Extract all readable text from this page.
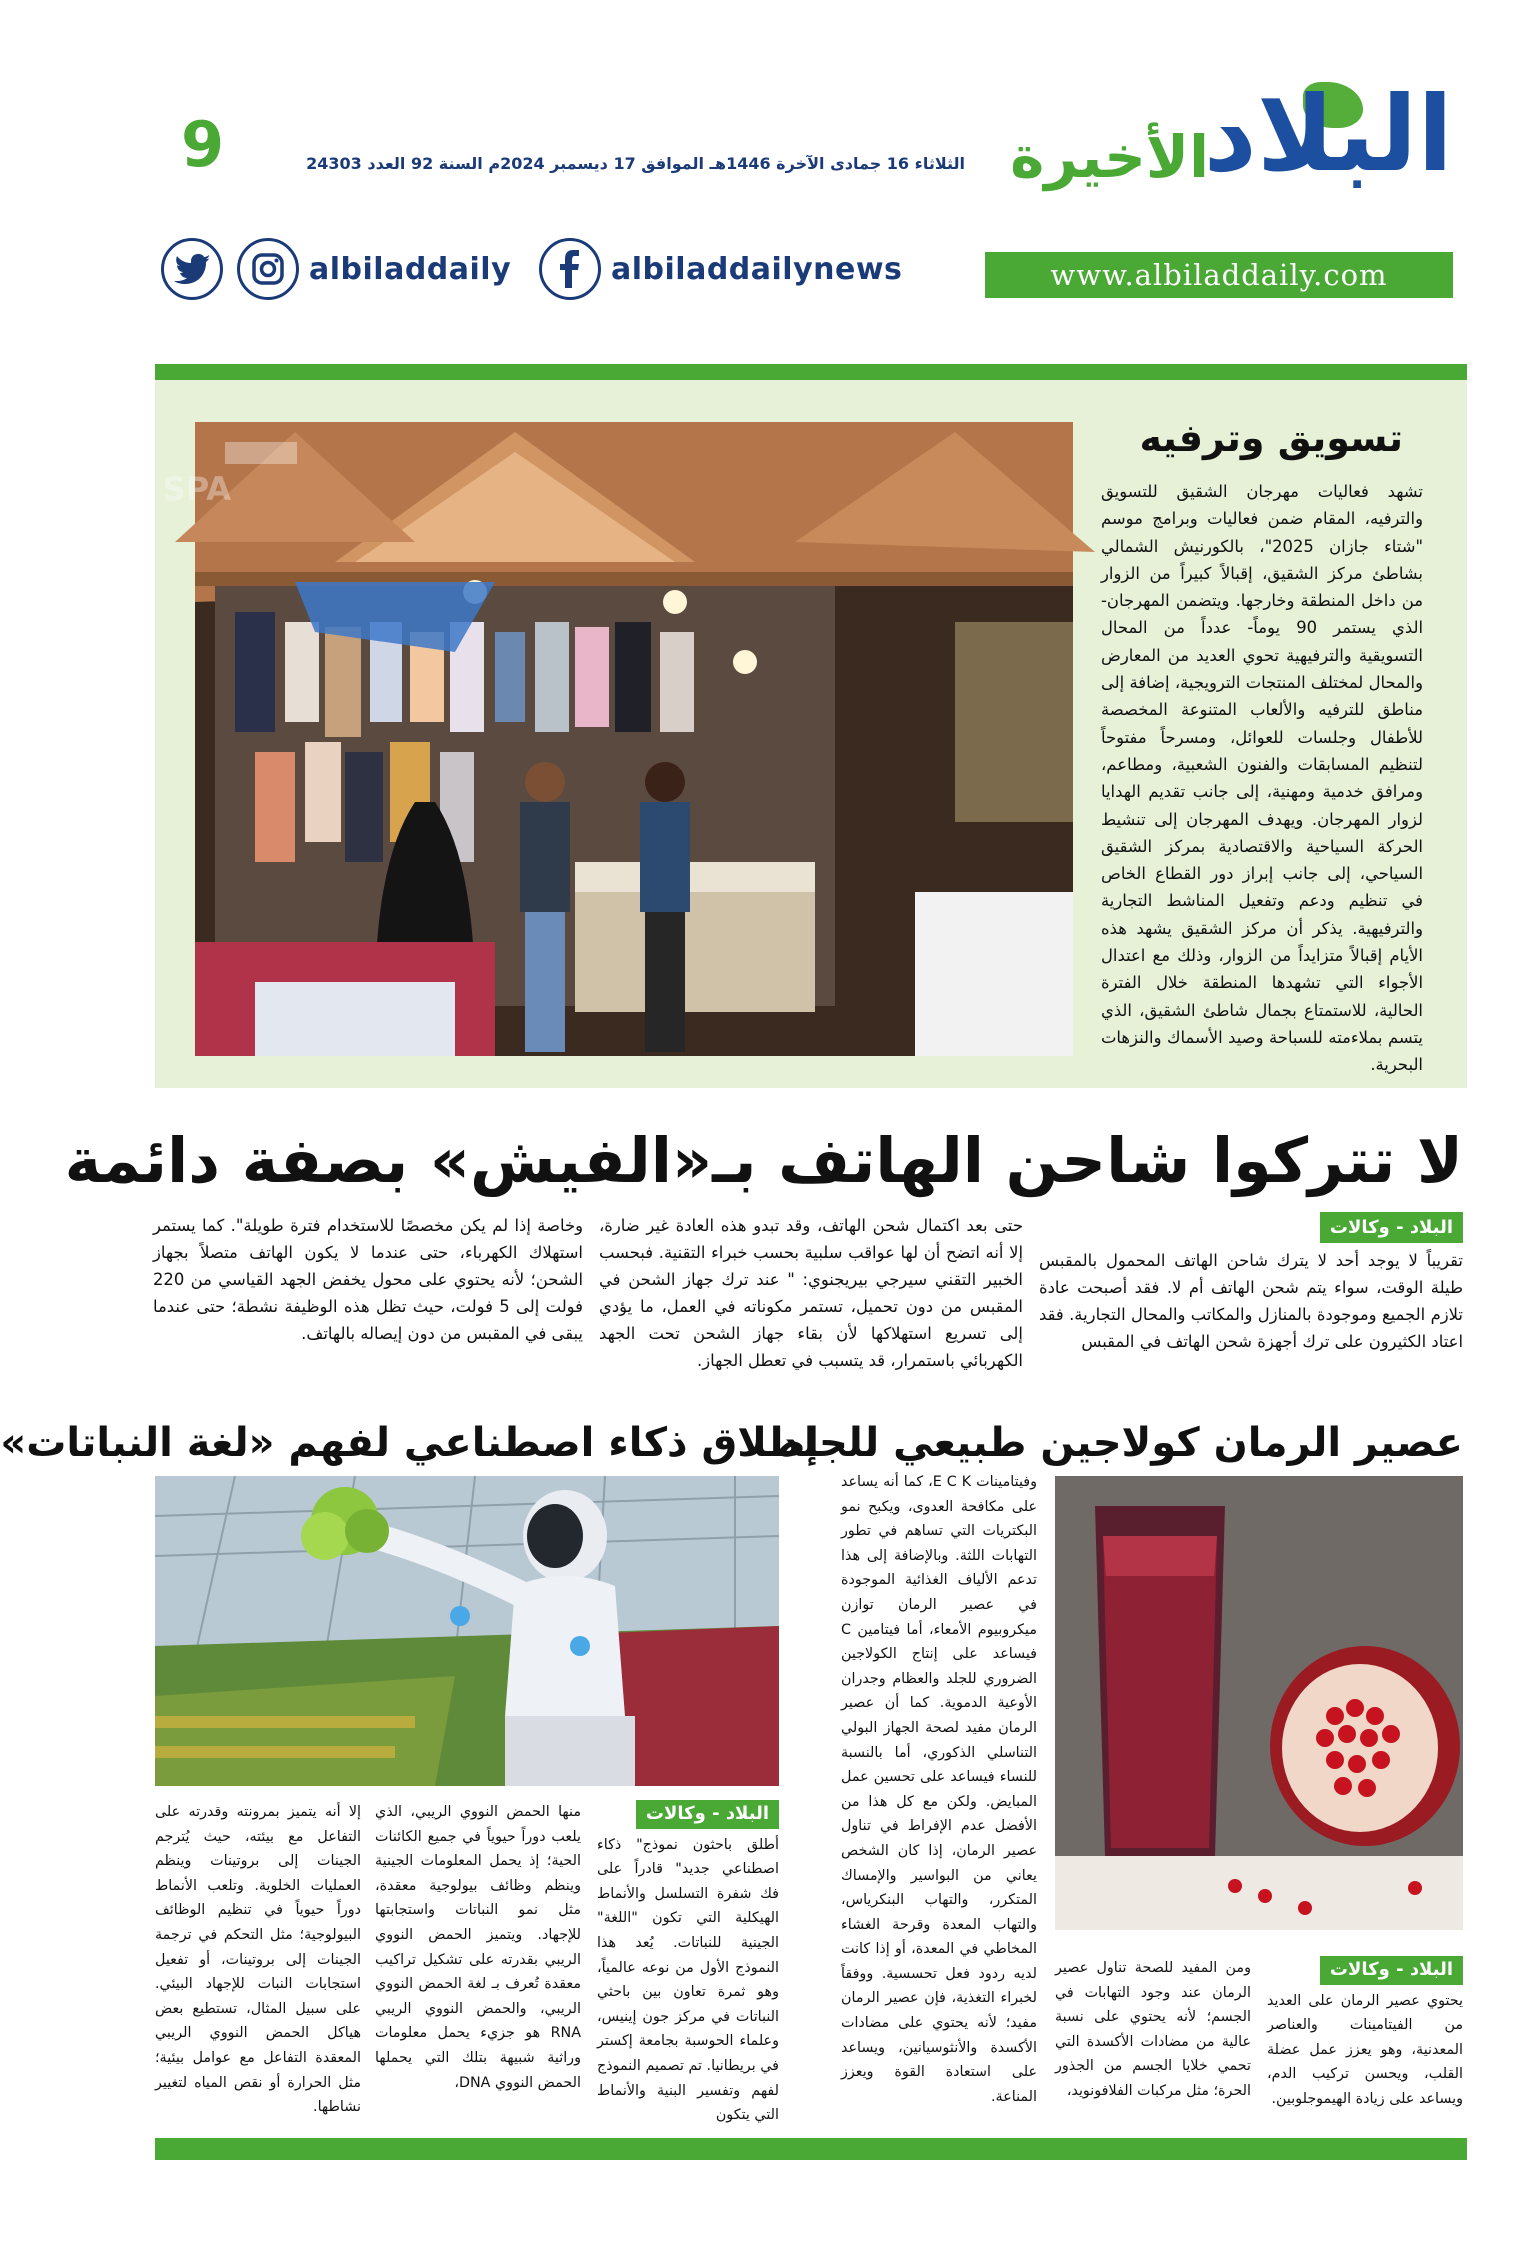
البلاد
الأخيرة
الثلاثاء 16 جمادى الآخرة 1446هـ الموافق 17 ديسمبر 2024م السنة 92 العدد 24303
9
www.albiladdaily.com
albiladdailynews
albiladdaily
تسويق وترفيه
تشهد فعاليات مهرجان الشقيق للتسويق والترفيه، المقام ضمن فعاليات وبرامج موسم "شتاء جازان 2025"، بالكورنيش الشمالي بشاطئ مركز الشقيق، إقبالاً كبيراً من الزوار من داخل المنطقة وخارجها. ويتضمن المهرجان- الذي يستمر 90 يوماً- عدداً من المحال التسويقية والترفيهية تحوي العديد من المعارض والمحال لمختلف المنتجات الترويجية، إضافة إلى مناطق للترفيه والألعاب المتنوعة المخصصة للأطفال وجلسات للعوائل، ومسرحاً مفتوحاً لتنظيم المسابقات والفنون الشعبية، ومطاعم، ومرافق خدمية ومهنية، إلى جانب تقديم الهدايا لزوار المهرجان. ويهدف المهرجان إلى تنشيط الحركة السياحية والاقتصادية بمركز الشقيق السياحي، إلى جانب إبراز دور القطاع الخاص في تنظيم ودعم وتفعيل المناشط التجارية والترفيهية. يذكر أن مركز الشقيق يشهد هذه الأيام إقبالاً متزايداً من الزوار، وذلك مع اعتدال الأجواء التي تشهدها المنطقة خلال الفترة الحالية، للاستمتاع بجمال شاطئ الشقيق، الذي يتسم بملاءمته للسباحة وصيد الأسماك والنزهات البحرية.
SPA
لا تتركوا شاحن الهاتف بـ«الفيش» بصفة دائمة
البلاد - وكالات
تقريباً لا يوجد أحد لا يترك شاحن الهاتف المحمول بالمقبس طيلة الوقت، سواء يتم شحن الهاتف أم لا. فقد أصبحت عادة تلازم الجميع وموجودة بالمنازل والمكاتب والمحال التجارية. فقد اعتاد الكثيرون على ترك أجهزة شحن الهاتف في المقبس
حتى بعد اكتمال شحن الهاتف، وقد تبدو هذه العادة غير ضارة، إلا أنه اتضح أن لها عواقب سلبية بحسب خبراء التقنية. فبحسب الخبير التقني سيرجي بيريجنوي: " عند ترك جهاز الشحن في المقبس من دون تحميل، تستمر مكوناته في العمل، ما يؤدي إلى تسريع استهلاكها لأن بقاء جهاز الشحن تحت الجهد الكهربائي باستمرار، قد يتسبب في تعطل الجهاز.
وخاصة إذا لم يكن مخصصًا للاستخدام فترة طويلة". كما يستمر استهلاك الكهرباء، حتى عندما لا يكون الهاتف متصلاً بجهاز الشحن؛ لأنه يحتوي على محول يخفض الجهد القياسي من 220 فولت إلى 5 فولت، حيث تظل هذه الوظيفة نشطة؛ حتى عندما يبقى في المقبس من دون إيصاله بالهاتف.
عصير الرمان كولاجين طبيعي للجلد
البلاد - وكالات
يحتوي عصير الرمان على العديد من الفيتامينات والعناصر المعدنية، وهو يعزز عمل عضلة القلب، ويحسن تركيب الدم، ويساعد على زيادة الهيموجلوبين.
ومن المفيد للصحة تناول عصير الرمان عند وجود التهابات في الجسم؛ لأنه يحتوي على نسبة عالية من مضادات الأكسدة التي تحمي خلايا الجسم من الجذور الحرة؛ مثل مركبات الفلافونويد،
وفيتامينات E C K، كما أنه يساعد على مكافحة العدوى، ويكبح نمو البكتريات التي تساهم في تطور التهابات اللثة. وبالإضافة إلى هذا تدعم الألياف الغذائية الموجودة في عصير الرمان توازن ميكروبيوم الأمعاء، أما فيتامين C فيساعد على إنتاج الكولاجين الضروري للجلد والعظام وجدران الأوعية الدموية. كما أن عصير الرمان مفيد لصحة الجهاز البولي التناسلي الذكوري، أما بالنسبة للنساء فيساعد على تحسين عمل المبايض. ولكن مع كل هذا من الأفضل عدم الإفراط في تناول عصير الرمان، إذا كان الشخص يعاني من البواسير والإمساك المتكرر، والتهاب البنكرياس، والتهاب المعدة وقرحة الغشاء المخاطي في المعدة، أو إذا كانت لديه ردود فعل تحسسية. ووفقاً لخبراء التغذية، فإن عصير الرمان مفيد؛ لأنه يحتوي على مضادات الأكسدة والأنثوسيانين، ويساعد على استعادة القوة ويعزز المناعة.
إطلاق ذكاء اصطناعي لفهم «لغة النباتات»
البلاد - وكالات
أطلق باحثون نموذج" ذكاء اصطناعي جديد" قادراً على فك شفرة التسلسل والأنماط الهيكلية التي تكون "اللغة" الجينية للنباتات. يُعد هذا النموذج الأول من نوعه عالمياً، وهو ثمرة تعاون بين باحثي النباتات في مركز جون إينيس، وعلماء الحوسبة بجامعة إكستر في بريطانيا. تم تصميم النموذج لفهم وتفسير البنية والأنماط التي يتكون
منها الحمض النووي الريبي، الذي يلعب دوراً حيوياً في جميع الكائنات الحية؛ إذ يحمل المعلومات الجينية وينظم وظائف بيولوجية معقدة، مثل نمو النباتات واستجابتها للإجهاد. ويتميز الحمض النووي الريبي بقدرته على تشكيل تراكيب معقدة تُعرف بـ لغة الحمض النووي الريبي، والحمض النووي الريبي RNA هو جزيء يحمل معلومات وراثية شبيهة بتلك التي يحملها الحمض النووي DNA،
إلا أنه يتميز بمرونته وقدرته على التفاعل مع بيئته، حيث يُترجم الجينات إلى بروتينات وينظم العمليات الخلوية. وتلعب الأنماط دوراً حيوياً في تنظيم الوظائف البيولوجية؛ مثل التحكم في ترجمة الجينات إلى بروتينات، أو تفعيل استجابات النبات للإجهاد البيئي. على سبيل المثال، تستطيع بعض هياكل الحمض النووي الريبي المعقدة التفاعل مع عوامل بيئية؛ مثل الحرارة أو نقص المياه لتغيير نشاطها.
